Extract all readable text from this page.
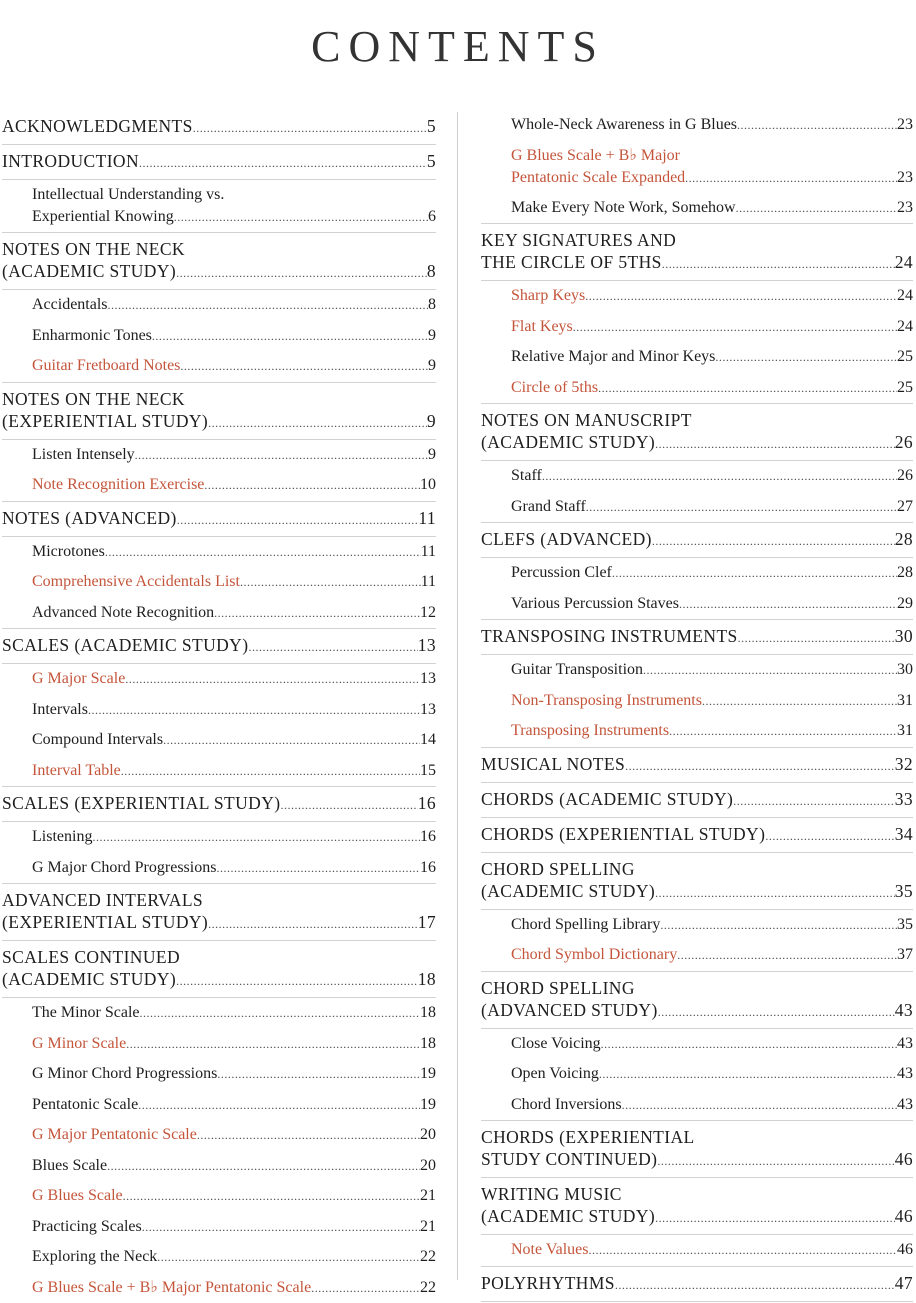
CONTENTS
ACKNOWLEDGMENTS .....	5
INTRODUCTION .....	5
Intellectual Understanding vs.
Experiential Knowing .....	6
NOTES ON THE NECK
(ACADEMIC STUDY) .....	8
Accidentals .....	8
Enharmonic Tones .....	9
Guitar Fretboard Notes .....	9
NOTES ON THE NECK
(EXPERIENTIAL STUDY) .....	9
Listen Intensely .....	9
Note Recognition Exercise .....	10
NOTES (ADVANCED) .....	11
Microtones .....	11
Comprehensive Accidentals List .....	11
Advanced Note Recognition .....	12
SCALES (ACADEMIC STUDY) .....	13
G Major Scale .....	13
Intervals .....	13
Compound Intervals .....	14
Interval Table .....	15
SCALES (EXPERIENTIAL STUDY) .....	16
Listening .....	16
G Major Chord Progressions .....	16
ADVANCED INTERVALS
(EXPERIENTIAL STUDY) .....	17
SCALES CONTINUED
(ACADEMIC STUDY) .....	18
The Minor Scale .....	18
G Minor Scale .....	18
G Minor Chord Progressions .....	19
Pentatonic Scale .....	19
G Major Pentatonic Scale .....	20
Blues Scale .....	20
G Blues Scale .....	21
Practicing Scales .....	21
Exploring the Neck .....	22
G Blues Scale + B♭ Major Pentatonic Scale .....	22
Whole-Neck Awareness in G Blues .....	23
G Blues Scale + B♭ Major
Pentatonic Scale Expanded .....	23
Make Every Note Work, Somehow .....	23
KEY SIGNATURES AND
THE CIRCLE OF 5THS .....	24
Sharp Keys .....	24
Flat Keys .....	24
Relative Major and Minor Keys .....	25
Circle of 5ths .....	25
NOTES ON MANUSCRIPT
(ACADEMIC STUDY) .....	26
Staff .....	26
Grand Staff .....	27
CLEFS (ADVANCED) .....	28
Percussion Clef .....	28
Various Percussion Staves .....	29
TRANSPOSING INSTRUMENTS .....	30
Guitar Transposition .....	30
Non-Transposing Instruments .....	31
Transposing Instruments .....	31
MUSICAL NOTES .....	32
CHORDS (ACADEMIC STUDY) .....	33
CHORDS (EXPERIENTIAL STUDY) .....	34
CHORD SPELLING
(ACADEMIC STUDY) .....	35
Chord Spelling Library .....	35
Chord Symbol Dictionary .....	37
CHORD SPELLING
(ADVANCED STUDY) .....	43
Close Voicing .....	43
Open Voicing .....	43
Chord Inversions .....	43
CHORDS (EXPERIENTIAL
STUDY CONTINUED) .....	46
WRITING MUSIC
(ACADEMIC STUDY) .....	46
Note Values .....	46
POLYRHYTHMS .....	47
